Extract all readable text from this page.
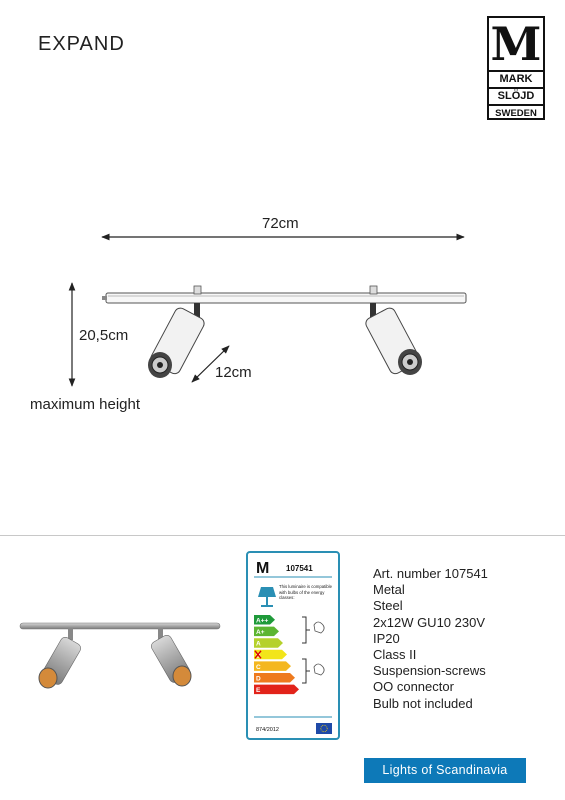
EXPAND	M
MARK
SLÖJD
SWEDEN
72cm
20,5cm
12cm
maximum height
M 107541
A++
A+
A
C
D
E
874/2012
This luminaire is compatible with bulbs of the energy classes:
Art. number 107541
Metal
Steel
2x12W GU10 230V
IP20
Class II
Suspension-screws
OO connector
Bulb not included
Lights of Scandinavia
